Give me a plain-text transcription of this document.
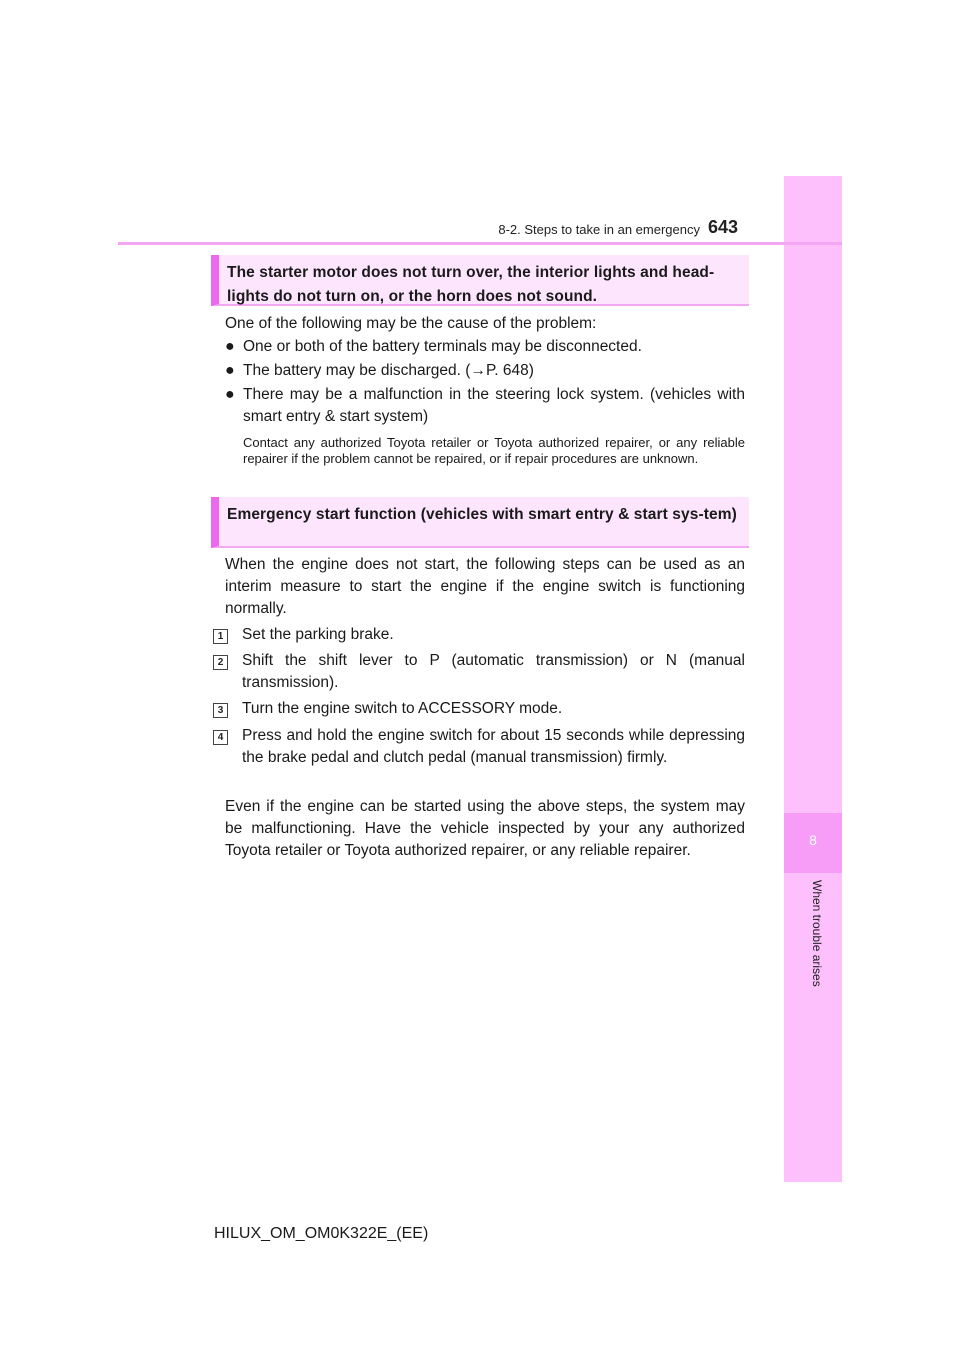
8
When trouble arises
8-2. Steps to take in an emergency 643
The starter motor does not turn over, the interior lights and head-lights do not turn on, or the horn does not sound.
One of the following may be the cause of the problem:
● One or both of the battery terminals may be disconnected.
● The battery may be discharged. (→P. 648)
● There may be a malfunction in the steering lock system. (vehicles with smart entry & start system)
Contact any authorized Toyota retailer or Toyota authorized repairer, or any reliable repairer if the problem cannot be repaired, or if repair procedures are unknown.
Emergency start function (vehicles with smart entry & start sys-tem)
When the engine does not start, the following steps can be used as an interim measure to start the engine if the engine switch is functioning normally.
1	Set the parking brake.
2	Shift the shift lever to P (automatic transmission) or N (manual transmission).
3	Turn the engine switch to ACCESSORY mode.
4	Press and hold the engine switch for about 15 seconds while depressing the brake pedal and clutch pedal (manual transmission) firmly.
Even if the engine can be started using the above steps, the system may be malfunctioning. Have the vehicle inspected by your any authorized Toyota retailer or Toyota authorized repairer, or any reliable repairer.
HILUX_OM_OM0K322E_(EE)
